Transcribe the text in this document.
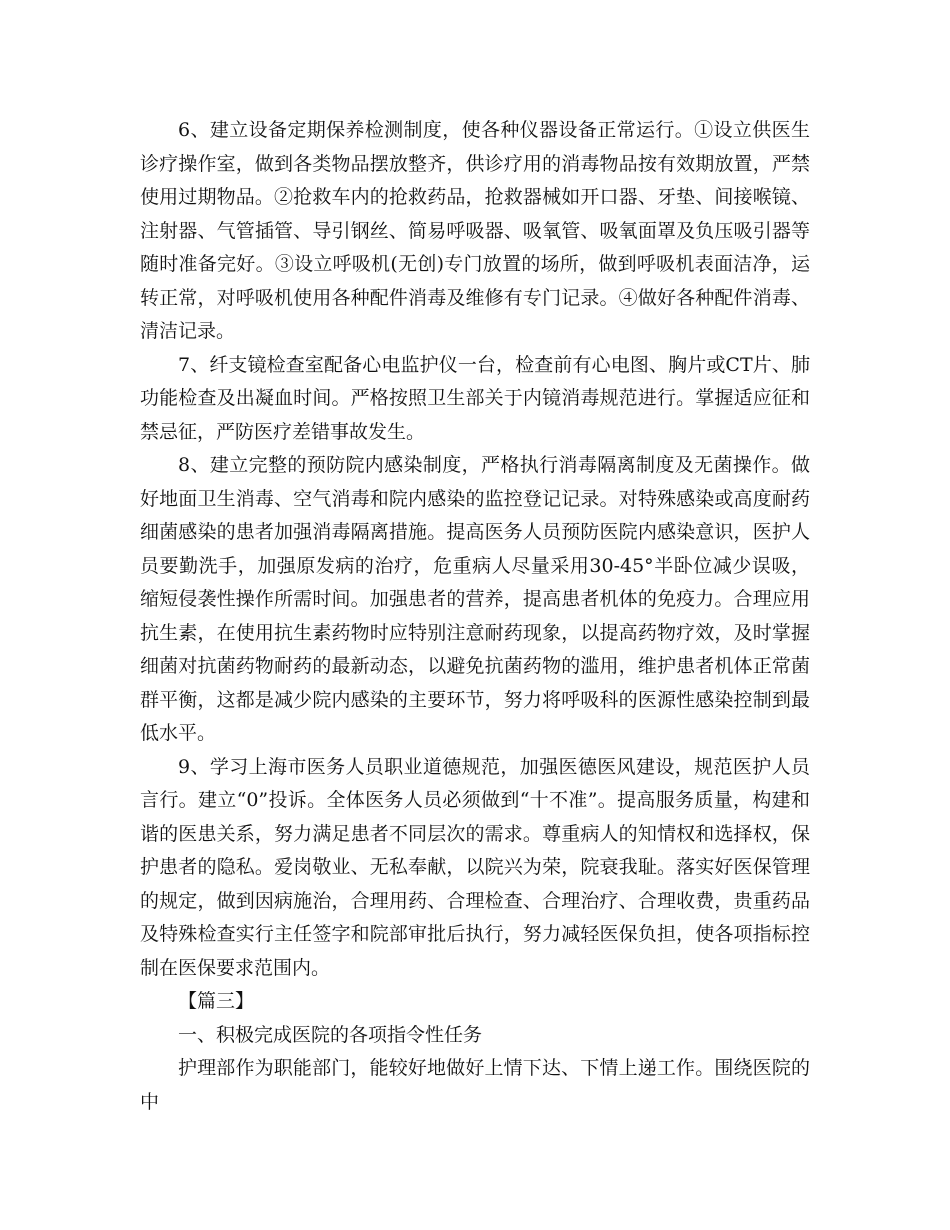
6、建立设备定期保养检测制度，使各种仪器设备正常运行。①设立供医生诊疗操作室，做到各类物品摆放整齐，供诊疗用的消毒物品按有效期放置，严禁使用过期物品。②抢救车内的抢救药品，抢救器械如开口器、牙垫、间接喉镜、注射器、气管插管、导引钢丝、简易呼吸器、吸氧管、吸氧面罩及负压吸引器等随时准备完好。③设立呼吸机(无创)专门放置的场所，做到呼吸机表面洁净，运转正常，对呼吸机使用各种配件消毒及维修有专门记录。④做好各种配件消毒、清洁记录。

7、纤支镜检查室配备心电监护仪一台，检查前有心电图、胸片或CT片、肺功能检查及出凝血时间。严格按照卫生部关于内镜消毒规范进行。掌握适应征和禁忌征，严防医疗差错事故发生。

8、建立完整的预防院内感染制度，严格执行消毒隔离制度及无菌操作。做好地面卫生消毒、空气消毒和院内感染的监控登记记录。对特殊感染或高度耐药细菌感染的患者加强消毒隔离措施。提高医务人员预防医院内感染意识，医护人员要勤洗手，加强原发病的治疗，危重病人尽量采用30-45°半卧位减少误吸，缩短侵袭性操作所需时间。加强患者的营养，提高患者机体的免疫力。合理应用抗生素，在使用抗生素药物时应特别注意耐药现象，以提高药物疗效，及时掌握细菌对抗菌药物耐药的最新动态，以避免抗菌药物的滥用，维护患者机体正常菌群平衡，这都是减少院内感染的主要环节，努力将呼吸科的医源性感染控制到最低水平。

9、学习上海市医务人员职业道德规范，加强医德医风建设，规范医护人员言行。建立“0”投诉。全体医务人员必须做到“十不准”。提高服务质量，构建和谐的医患关系，努力满足患者不同层次的需求。尊重病人的知情权和选择权，保护患者的隐私。爱岗敬业、无私奉献，以院兴为荣，院衰我耻。落实好医保管理的规定，做到因病施治，合理用药、合理检查、合理治疗、合理收费，贵重药品及特殊检查实行主任签字和院部审批后执行，努力减轻医保负担，使各项指标控制在医保要求范围内。

【篇三】

一、积极完成医院的各项指令性任务

护理部作为职能部门，能较好地做好上情下达、下情上递工作。围绕医院的中
